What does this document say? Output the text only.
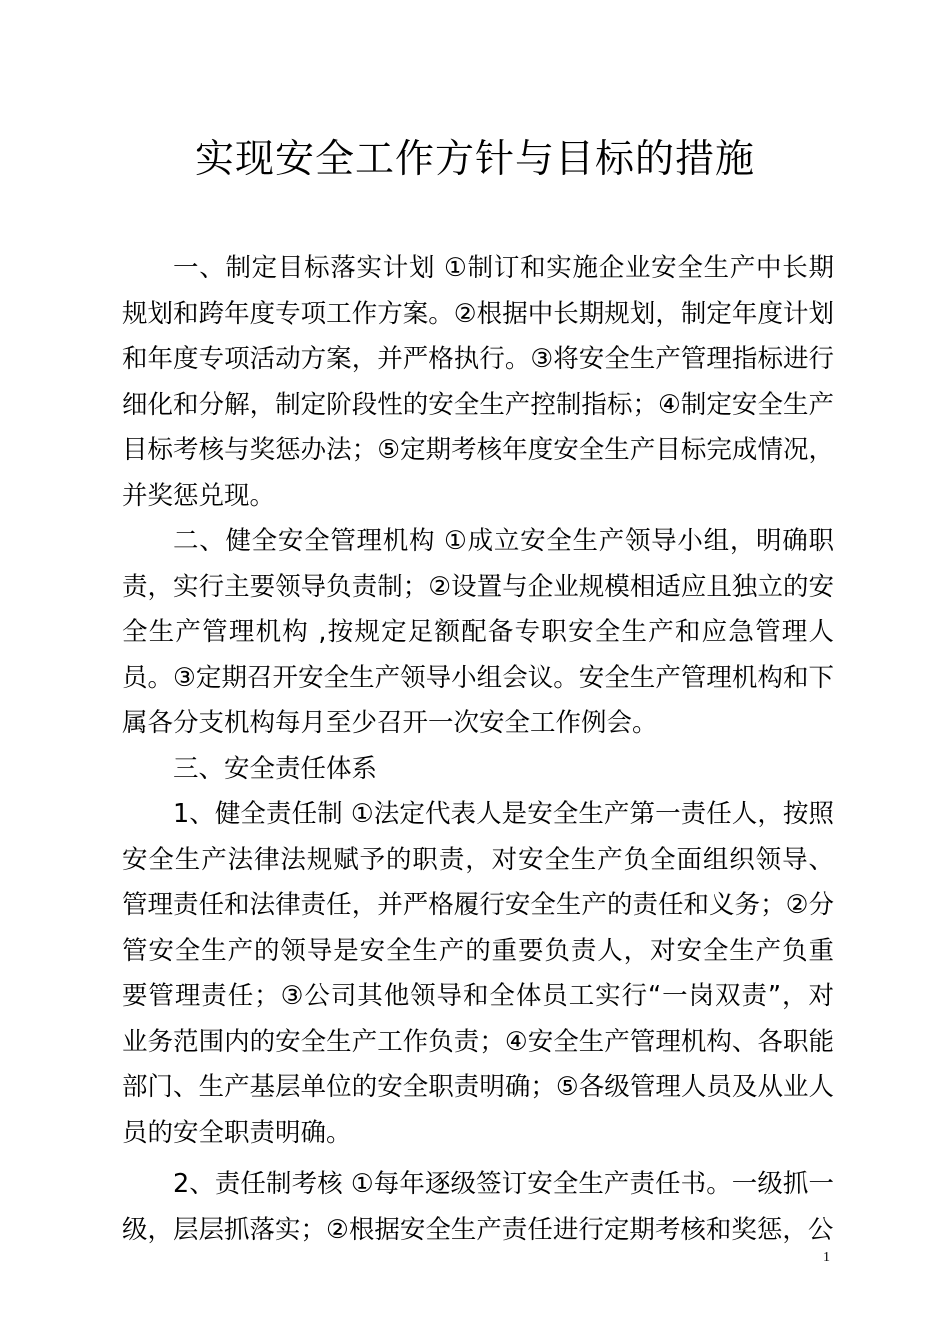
实现安全工作方针与目标的措施

一、制定目标落实计划 ①制订和实施企业安全生产中长期规划和跨年度专项工作方案。②根据中长期规划，制定年度计划和年度专项活动方案，并严格执行。③将安全生产管理指标进行细化和分解，制定阶段性的安全生产控制指标；④制定安全生产目标考核与奖惩办法；⑤定期考核年度安全生产目标完成情况，并奖惩兑现。

二、健全安全管理机构 ①成立安全生产领导小组，明确职责，实行主要领导负责制；②设置与企业规模相适应且独立的安全生产管理机构 ,按规定足额配备专职安全生产和应急管理人员。③定期召开安全生产领导小组会议。安全生产管理机构和下属各分支机构每月至少召开一次安全工作例会。

三、安全责任体系

1、健全责任制 ①法定代表人是安全生产第一责任人，按照安全生产法律法规赋予的职责，对安全生产负全面组织领导、管理责任和法律责任，并严格履行安全生产的责任和义务；②分管安全生产的领导是安全生产的重要负责人，对安全生产负重要管理责任；③公司其他领导和全体员工实行“一岗双责”，对业务范围内的安全生产工作负责；④安全生产管理机构、各职能部门、生产基层单位的安全职责明确；⑤各级管理人员及从业人员的安全职责明确。

2、责任制考核 ①每年逐级签订安全生产责任书。一级抓一级，层层抓落实；②根据安全生产责任进行定期考核和奖惩，公

1
